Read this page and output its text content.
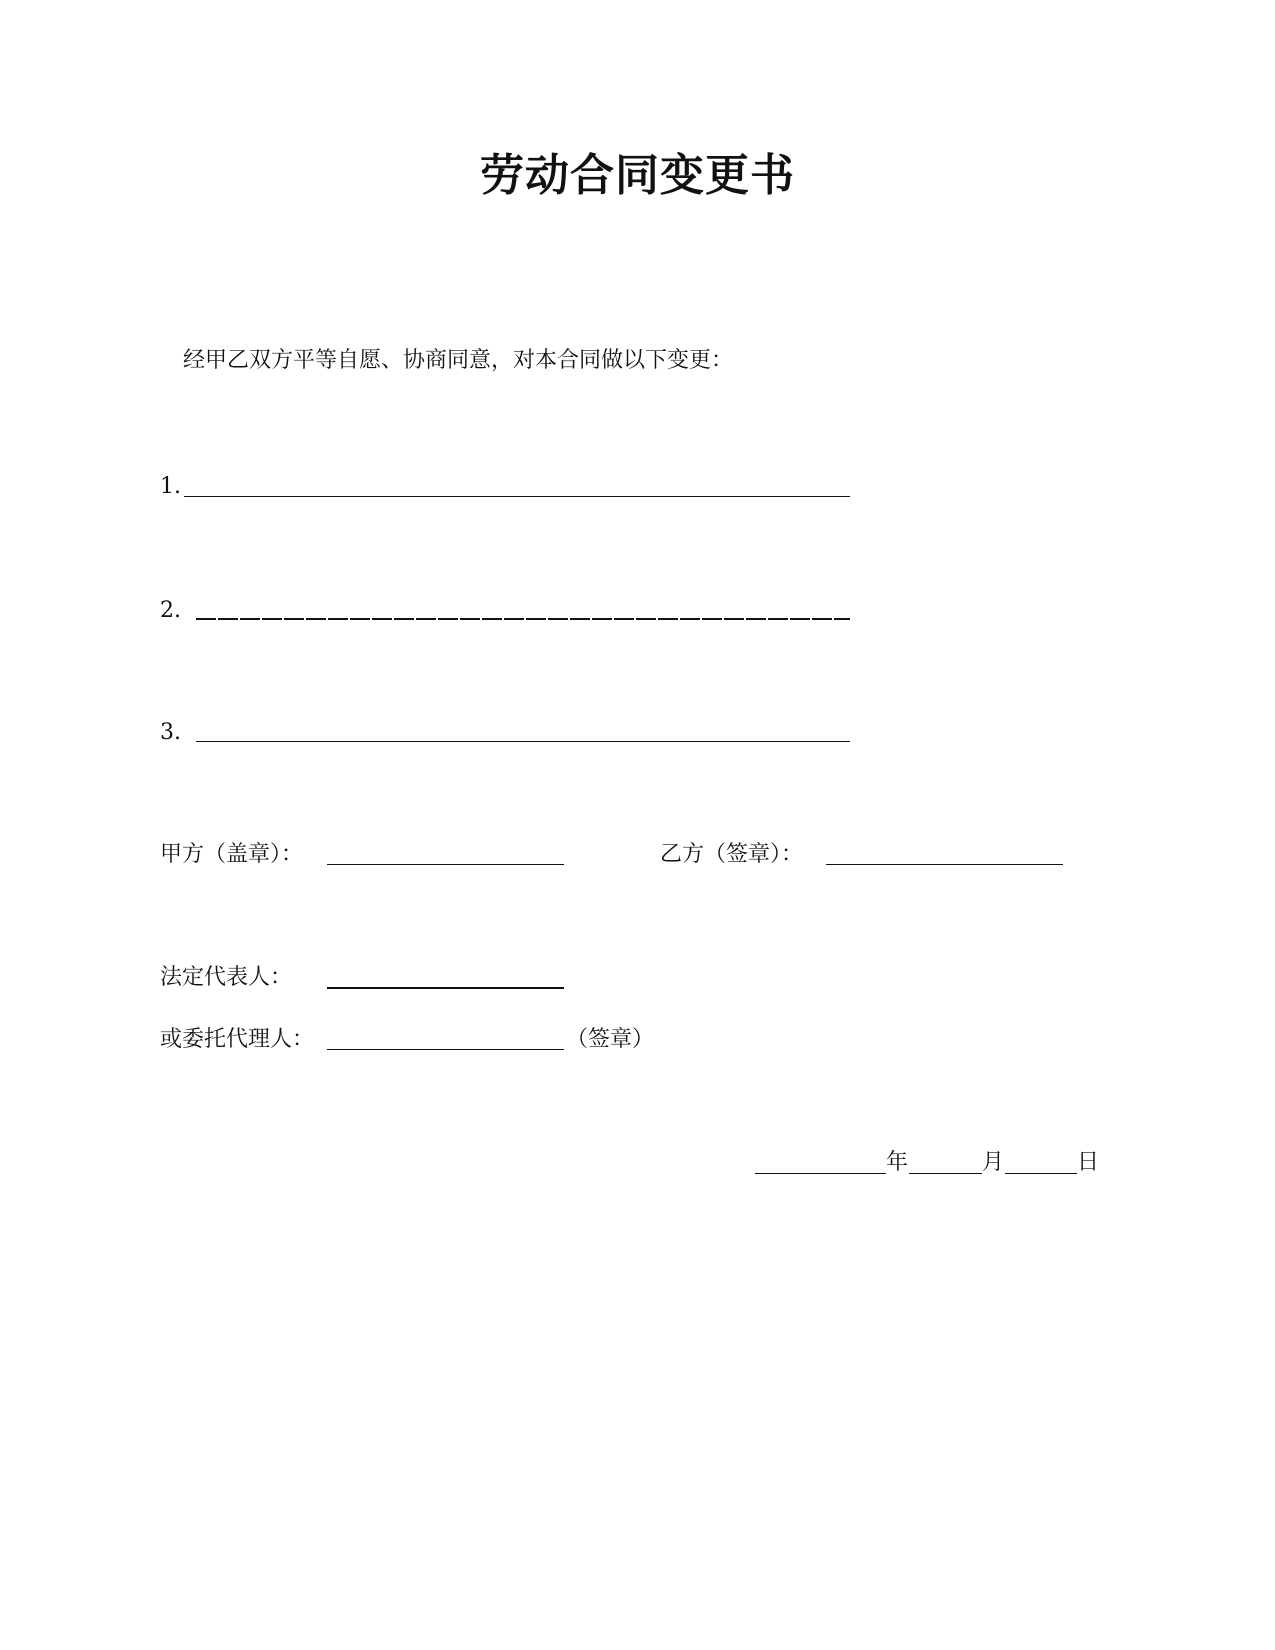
劳动合同变更书
经甲乙双方平等自愿、协商同意，对本合同做以下变更：
1.
2.
3.
甲方（盖章）：	乙方（签章）：
法定代表人：
或委托代理人：	（签章）
年	月	日
